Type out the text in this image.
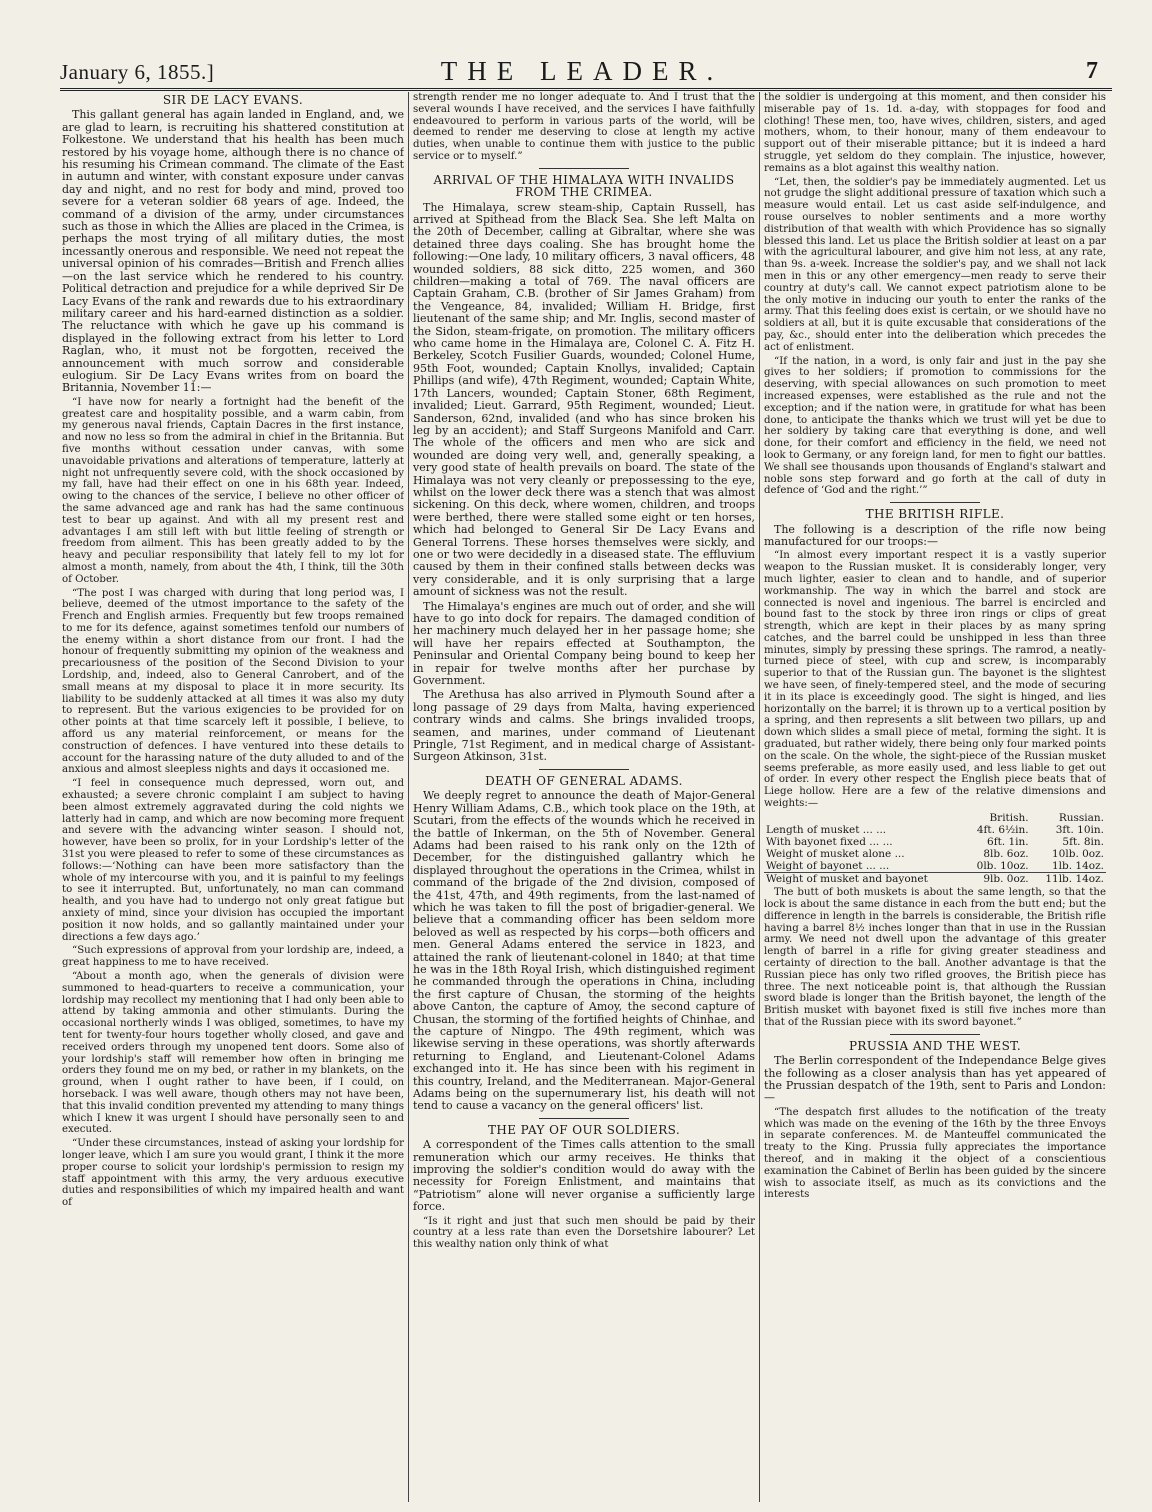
January 6, 1855.]	THE LEADER.	7
SIR DE LACY EVANS.

This gallant general has again landed in England, and, we are glad to learn, is recruiting his shattered constitution at Folkestone. We understand that his health has been much restored by his voyage home, although there is no chance of his resuming his Crimean command. The climate of the East in autumn and winter, with constant exposure under canvas day and night, and no rest for body and mind, proved too severe for a veteran soldier 68 years of age. Indeed, the command of a division of the army, under circumstances such as those in which the Allies are placed in the Crimea, is perhaps the most trying of all military duties, the most incessantly onerous and responsible. We need not repeat the universal opinion of his comrades—British and French allies—on the last service which he rendered to his country. Political detraction and prejudice for a while deprived Sir De Lacy Evans of the rank and rewards due to his extraordinary military career and his hard-earned distinction as a soldier. The reluctance with which he gave up his command is displayed in the following extract from his letter to Lord Raglan, who, it must not be forgotten, received the announcement with much sorrow and considerable eulogium. Sir De Lacy Evans writes from on board the Britannia, November 11:—

“I have now for nearly a fortnight had the benefit of the greatest care and hospitality possible, and a warm cabin, from my generous naval friends, Captain Dacres in the first instance, and now no less so from the admiral in chief in the Britannia. But five months without cessation under canvas, with some unavoidable privations and alterations of temperature, latterly at night not unfrequently severe cold, with the shock occasioned by my fall, have had their effect on one in his 68th year. Indeed, owing to the chances of the service, I believe no other officer of the same advanced age and rank has had the same continuous test to bear up against. And with all my present rest and advantages I am still left with but little feeling of strength or freedom from ailment. This has been greatly added to by the heavy and peculiar responsibility that lately fell to my lot for almost a month, namely, from about the 4th, I think, till the 30th of October.

“The post I was charged with during that long period was, I believe, deemed of the utmost importance to the safety of the French and English armies. Frequently but few troops remained to me for its defence, against sometimes tenfold our numbers of the enemy within a short distance from our front. I had the honour of frequently submitting my opinion of the weakness and precariousness of the position of the Second Division to your Lordship, and, indeed, also to General Canrobert, and of the small means at my disposal to place it in more security. Its liability to be suddenly attacked at all times it was also my duty to represent. But the various exigencies to be provided for on other points at that time scarcely left it possible, I believe, to afford us any material reinforcement, or means for the construction of defences. I have ventured into these details to account for the harassing nature of the duty alluded to and of the anxious and almost sleepless nights and days it occasioned me.

“I feel in consequence much depressed, worn out, and exhausted; a severe chronic complaint I am subject to having been almost extremely aggravated during the cold nights we latterly had in camp, and which are now becoming more frequent and severe with the advancing winter season. I should not, however, have been so prolix, for in your Lordship's letter of the 31st you were pleased to refer to some of these circumstances as follows:—‘Nothing can have been more satisfactory than the whole of my intercourse with you, and it is painful to my feelings to see it interrupted. But, unfortunately, no man can command health, and you have had to undergo not only great fatigue but anxiety of mind, since your division has occupied the important position it now holds, and so gallantly maintained under your directions a few days ago.’

“Such expressions of approval from your lordship are, indeed, a great happiness to me to have received.

“About a month ago, when the generals of division were summoned to head-quarters to receive a communication, your lordship may recollect my mentioning that I had only been able to attend by taking ammonia and other stimulants. During the occasional northerly winds I was obliged, sometimes, to have my tent for twenty-four hours together wholly closed, and gave and received orders through my unopened tent doors. Some also of your lordship's staff will remember how often in bringing me orders they found me on my bed, or rather in my blankets, on the ground, when I ought rather to have been, if I could, on horseback. I was well aware, though others may not have been, that this invalid condition prevented my attending to many things which I knew it was urgent I should have personally seen to and executed.

“Under these circumstances, instead of asking your lordship for longer leave, which I am sure you would grant, I think it the more proper course to solicit your lordship's permission to resign my staff appointment with this army, the very arduous executive duties and responsibilities of which my impaired health and want of

strength render me no longer adequate to. And I trust that the several wounds I have received, and the services I have faithfully endeavoured to perform in various parts of the world, will be deemed to render me deserving to close at length my active duties, when unable to continue them with justice to the public service or to myself.”

ARRIVAL OF THE HIMALAYA WITH INVALIDS FROM THE CRIMEA.

The Himalaya, screw steam-ship, Captain Russell, has arrived at Spithead from the Black Sea. She left Malta on the 20th of December, calling at Gibraltar, where she was detained three days coaling. She has brought home the following:—One lady, 10 military officers, 3 naval officers, 48 wounded soldiers, 88 sick ditto, 225 women, and 360 children—making a total of 769. The naval officers are Captain Graham, C.B. (brother of Sir James Graham) from the Vengeance, 84, invalided; William H. Bridge, first lieutenant of the same ship; and Mr. Inglis, second master of the Sidon, steam-frigate, on promotion. The military officers who came home in the Himalaya are, Colonel C. A. Fitz H. Berkeley, Scotch Fusilier Guards, wounded; Colonel Hume, 95th Foot, wounded; Captain Knollys, invalided; Captain Phillips (and wife), 47th Regiment, wounded; Captain White, 17th Lancers, wounded; Captain Stoner, 68th Regiment, invalided; Lieut. Garrard, 95th Regiment, wounded; Lieut. Sanderson, 62nd, invalided (and who has since broken his leg by an accident); and Staff Surgeons Manifold and Carr. The whole of the officers and men who are sick and wounded are doing very well, and, generally speaking, a very good state of health prevails on board. The state of the Himalaya was not very cleanly or prepossessing to the eye, whilst on the lower deck there was a stench that was almost sickening. On this deck, where women, children, and troops were berthed, there were stalled some eight or ten horses, which had belonged to General Sir De Lacy Evans and General Torrens. These horses themselves were sickly, and one or two were decidedly in a diseased state. The effluvium caused by them in their confined stalls between decks was very considerable, and it is only surprising that a large amount of sickness was not the result.

The Himalaya's engines are much out of order, and she will have to go into dock for repairs. The damaged condition of her machinery much delayed her in her passage home; she will have her repairs effected at Southampton, the Peninsular and Oriental Company being bound to keep her in repair for twelve months after her purchase by Government.

The Arethusa has also arrived in Plymouth Sound after a long passage of 29 days from Malta, having experienced contrary winds and calms. She brings invalided troops, seamen, and marines, under command of Lieutenant Pringle, 71st Regiment, and in medical charge of Assistant-Surgeon Atkinson, 31st.

DEATH OF GENERAL ADAMS.

We deeply regret to announce the death of Major-General Henry William Adams, C.B., which took place on the 19th, at Scutari, from the effects of the wounds which he received in the battle of Inkerman, on the 5th of November. General Adams had been raised to his rank only on the 12th of December, for the distinguished gallantry which he displayed throughout the operations in the Crimea, whilst in command of the brigade of the 2nd division, composed of the 41st, 47th, and 49th regiments, from the last-named of which he was taken to fill the post of brigadier-general. We believe that a commanding officer has been seldom more beloved as well as respected by his corps—both officers and men. General Adams entered the service in 1823, and attained the rank of lieutenant-colonel in 1840; at that time he was in the 18th Royal Irish, which distinguished regiment he commanded through the operations in China, including the first capture of Chusan, the storming of the heights above Canton, the capture of Amoy, the second capture of Chusan, the storming of the fortified heights of Chinhae, and the capture of Ningpo. The 49th regiment, which was likewise serving in these operations, was shortly afterwards returning to England, and Lieutenant-Colonel Adams exchanged into it. He has since been with his regiment in this country, Ireland, and the Mediterranean. Major-General Adams being on the supernumerary list, his death will not tend to cause a vacancy on the general officers' list.

THE PAY OF OUR SOLDIERS.

A correspondent of the Times calls attention to the small remuneration which our army receives. He thinks that improving the soldier's condition would do away with the necessity for Foreign Enlistment, and maintains that “Patriotism” alone will never organise a sufficiently large force.

“Is it right and just that such men should be paid by their country at a less rate than even the Dorsetshire labourer? Let this wealthy nation only think of what

the soldier is undergoing at this moment, and then consider his miserable pay of 1s. 1d. a-day, with stoppages for food and clothing! These men, too, have wives, children, sisters, and aged mothers, whom, to their honour, many of them endeavour to support out of their miserable pittance; but it is indeed a hard struggle, yet seldom do they complain. The injustice, however, remains as a blot against this wealthy nation.

“Let, then, the soldier's pay be immediately augmented. Let us not grudge the slight additional pressure of taxation which such a measure would entail. Let us cast aside self-indulgence, and rouse ourselves to nobler sentiments and a more worthy distribution of that wealth with which Providence has so signally blessed this land. Let us place the British soldier at least on a par with the agricultural labourer, and give him not less, at any rate, than 9s. a-week. Increase the soldier's pay, and we shall not lack men in this or any other emergency—men ready to serve their country at duty's call. We cannot expect patriotism alone to be the only motive in inducing our youth to enter the ranks of the army. That this feeling does exist is certain, or we should have no soldiers at all, but it is quite excusable that considerations of the pay, &c., should enter into the deliberation which precedes the act of enlistment.

“If the nation, in a word, is only fair and just in the pay she gives to her soldiers; if promotion to commissions for the deserving, with special allowances on such promotion to meet increased expenses, were established as the rule and not the exception; and if the nation were, in gratitude for what has been done, to anticipate the thanks which we trust will yet be due to her soldiery by taking care that everything is done, and well done, for their comfort and efficiency in the field, we need not look to Germany, or any foreign land, for men to fight our battles. We shall see thousands upon thousands of England's stalwart and noble sons step forward and go forth at the call of duty in defence of ‘God and the right.’”

THE BRITISH RIFLE.

The following is a description of the rifle now being manufactured for our troops:—

“In almost every important respect it is a vastly superior weapon to the Russian musket. It is considerably longer, very much lighter, easier to clean and to handle, and of superior workmanship. The way in which the barrel and stock are connected is novel and ingenious. The barrel is encircled and bound fast to the stock by three iron rings or clips of great strength, which are kept in their places by as many spring catches, and the barrel could be unshipped in less than three minutes, simply by pressing these springs. The ramrod, a neatly-turned piece of steel, with cup and screw, is incomparably superior to that of the Russian gun. The bayonet is the slightest we have seen, of finely-tempered steel, and the mode of securing it in its place is exceedingly good. The sight is hinged, and lies horizontally on the barrel; it is thrown up to a vertical position by a spring, and then represents a slit between two pillars, up and down which slides a small piece of metal, forming the sight. It is graduated, but rather widely, there being only four marked points on the scale. On the whole, the sight-piece of the Russian musket seems preferable, as more easily used, and less liable to get out of order. In every other respect the English piece beats that of Liege hollow. Here are a few of the relative dimensions and weights:—

	British.	Russian.
Length of musket ... ...	4ft. 6½in.	3ft. 10in.
With bayonet fixed ... ...	6ft. 1in.	5ft. 8in.
Weight of musket alone ...	8lb. 6oz.	10lb. 0oz.
Weight of bayonet ... ...	0lb. 10oz.	1lb. 14oz.
Weight of musket and bayonet	9lb. 0oz.	11lb. 14oz.

The butt of both muskets is about the same length, so that the lock is about the same distance in each from the butt end; but the difference in length in the barrels is considerable, the British rifle having a barrel 8½ inches longer than that in use in the Russian army. We need not dwell upon the advantage of this greater length of barrel in a rifle for giving greater steadiness and certainty of direction to the ball. Another advantage is that the Russian piece has only two rifled grooves, the British piece has three. The next noticeable point is, that although the Russian sword blade is longer than the British bayonet, the length of the British musket with bayonet fixed is still five inches more than that of the Russian piece with its sword bayonet.”

PRUSSIA AND THE WEST.

The Berlin correspondent of the Independance Belge gives the following as a closer analysis than has yet appeared of the Prussian despatch of the 19th, sent to Paris and London:—

“The despatch first alludes to the notification of the treaty which was made on the evening of the 16th by the three Envoys in separate conferences. M. de Manteuffel communicated the treaty to the King. Prussia fully appreciates the importance thereof, and in making it the object of a conscientious examination the Cabinet of Berlin has been guided by the sincere wish to associate itself, as much as its convictions and the interests
